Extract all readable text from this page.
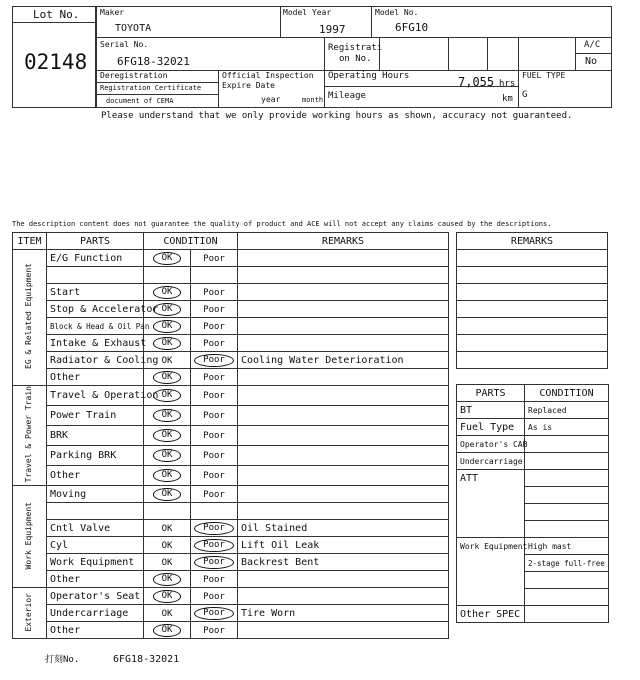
Lot No.
02148
Maker
TOYOTA
Model Year
1997
Model No.
6FG10
Serial No.
6FG18-32021
Registrati
on No.
A/C
No
Deregistration
Registration Certificate
document of CEMA
Official Inspection
Expire Date
year	month
Operating Hours	7,055 hrs
Mileage	km
FUEL TYPE
G
Please understand that we only provide working hours as shown, accuracy not guaranteed.
The description content does not guarantee the quality of product and ACE will not accept any claims caused by the descriptions.
ITEM	PARTS	CONDITION		REMARKS
EG & Related Equipment	E/G Function	OK	Poor	

	Start	OK	Poor	
	Stop & Accelerator	OK	Poor	
	Block & Head & Oil Pan	OK	Poor	
	Intake & Exhaust	OK	Poor	
	Radiator & Cooling	OK	Poor	Cooling Water Deterioration
	Other	OK	Poor	
Travel & Power Train	Travel & Operation	OK	Poor	
	Power Train	OK	Poor	
	BRK	OK	Poor	
	Parking BRK	OK	Poor	
	Other	OK	Poor	
Work Equipment	Moving	OK	Poor	

	Cntl Valve	OK	Poor	Oil Stained
	Cyl	OK	Poor	Lift Oil Leak
	Work Equipment	OK	Poor	Backrest Bent
	Other	OK	Poor	
Exterior	Operator's Seat	OK	Poor	
	Undercarriage	OK	Poor	Tire Worn
	Other	OK	Poor	
REMARKS

PARTS	CONDITION
BT	Replaced
Fuel Type	As is
Operator's CAB	
Undercarriage	
ATT	

Work Equipment	High mast
	2-stage full-free

Other SPEC	
打刻No.	6FG18-32021
